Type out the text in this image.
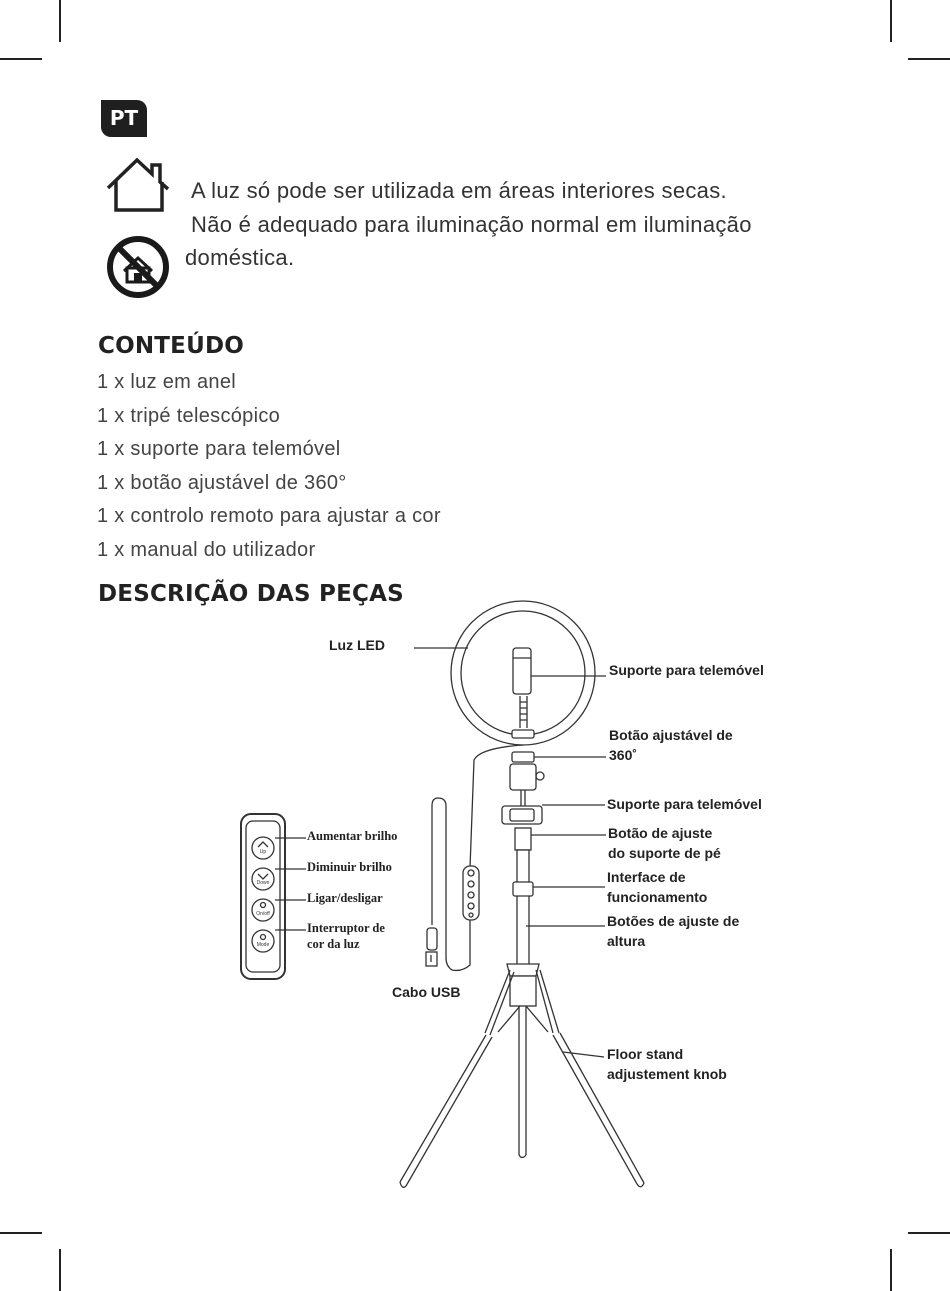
PT
A luz só pode ser utilizada em áreas interiores secas.
Não é adequado para iluminação normal em iluminação
doméstica.
CONTEÚDO
1 x luz em anel
1 x tripé telescópico
1 x suporte para telemóvel
1 x botão ajustável de 360°
1 x controlo remoto para ajustar a cor
1 x manual do utilizador
DESCRIÇÃO DAS PEÇAS
Up
Down
On/off
Mode
Luz LED
Suporte para telemóvel
Botão ajustável de
360˚
Suporte para telemóvel
Botão de ajuste
do suporte de pé
Interface de
funcionamento
Botões de ajuste de
altura
Floor stand
adjustement knob
Cabo USB
Aumentar brilho
Diminuir brilho
Ligar/desligar
Interruptor de
cor da luz
